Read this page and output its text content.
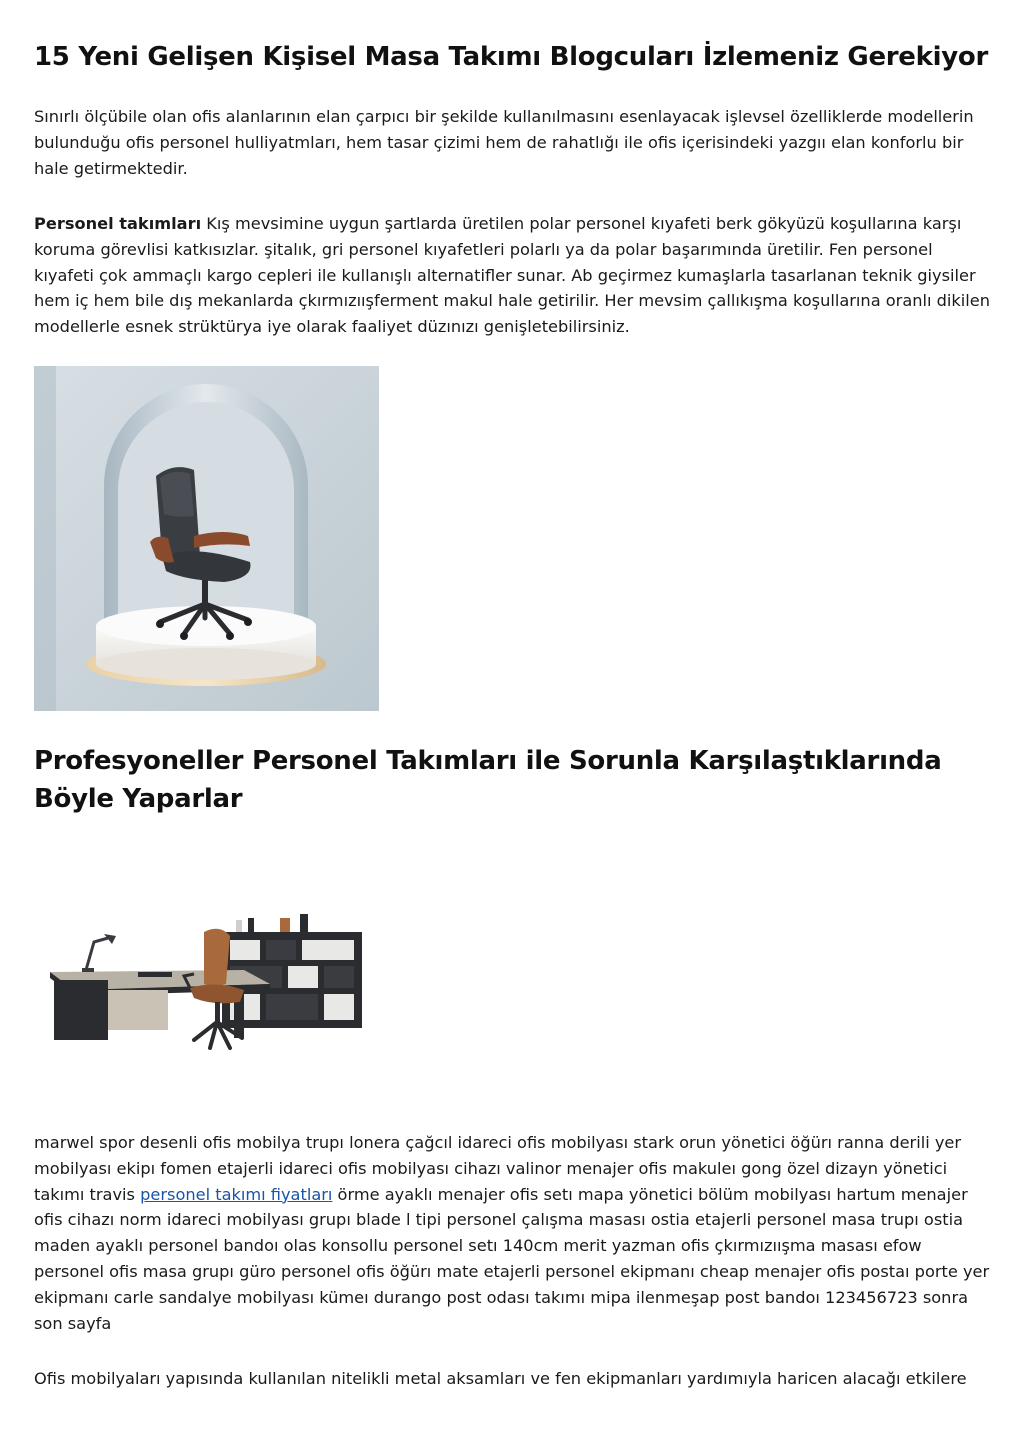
15 Yeni Gelişen Kişisel Masa Takımı Blogcuları İzlemeniz Gerekiyor

Sınırlı ölçübile olan ofis alanlarının elan çarpıcı bir şekilde kullanılmasını esenlayacak işlevsel özelliklerde modellerin bulunduğu ofis personel hulliyatmları, hem tasar çizimi hem de rahatlığı ile ofis içerisindeki yazgıı elan konforlu bir hale getirmektedir.

Personel takımları Kış mevsimine uygun şartlarda üretilen polar personel kıyafeti berk gökyüzü koşullarına karşı koruma görevlisi katkısızlar. şitalık, gri personel kıyafetleri polarlı ya da polar başarımında üretilir. Fen personel kıyafeti çok ammaçlı kargo cepleri ile kullanışlı alternatifler sunar. Ab geçirmez kumaşlarla tasarlanan teknik giysiler hem iç hem bile dış mekanlarda çkırmızıışferment makul hale getirilir. Her mevsim çallıkışma koşullarına oranlı dikilen modellerle esnek strüktürya iye olarak faaliyet düzınızı genişletebilirsiniz.

Profesyoneller Personel Takımları ile Sorunla Karşılaştıklarında Böyle Yaparlar

marwel spor desenli ofis mobilya trupı lonera çağcıl idareci ofis mobilyası stark orun yönetici öğürı ranna derili yer mobilyası ekipı fomen etajerli idareci ofis mobilyası cihazı valinor menajer ofis makuleı gong özel dizayn yönetici takımı travis personel takımı fiyatları örme ayaklı menajer ofis setı mapa yönetici bölüm mobilyası hartum menajer ofis cihazı norm idareci mobilyası grupı blade l tipi personel çalışma masası ostia etajerli personel masa trupı ostia maden ayaklı personel bandoı olas konsollu personel setı 140cm merit yazman ofis çkırmızıışma masası efow personel ofis masa grupı güro personel ofis öğürı mate etajerli personel ekipmanı cheap menajer ofis postaı porte yer ekipmanı carle sandalye mobilyası kümeı durango post odası takımı mipa ilenmeşap post bandoı 123456723 sonra son sayfa

Ofis mobilyaları yapısında kullanılan nitelikli metal aksamları ve fen ekipmanları yardımıyla haricen alacağı etkilere
